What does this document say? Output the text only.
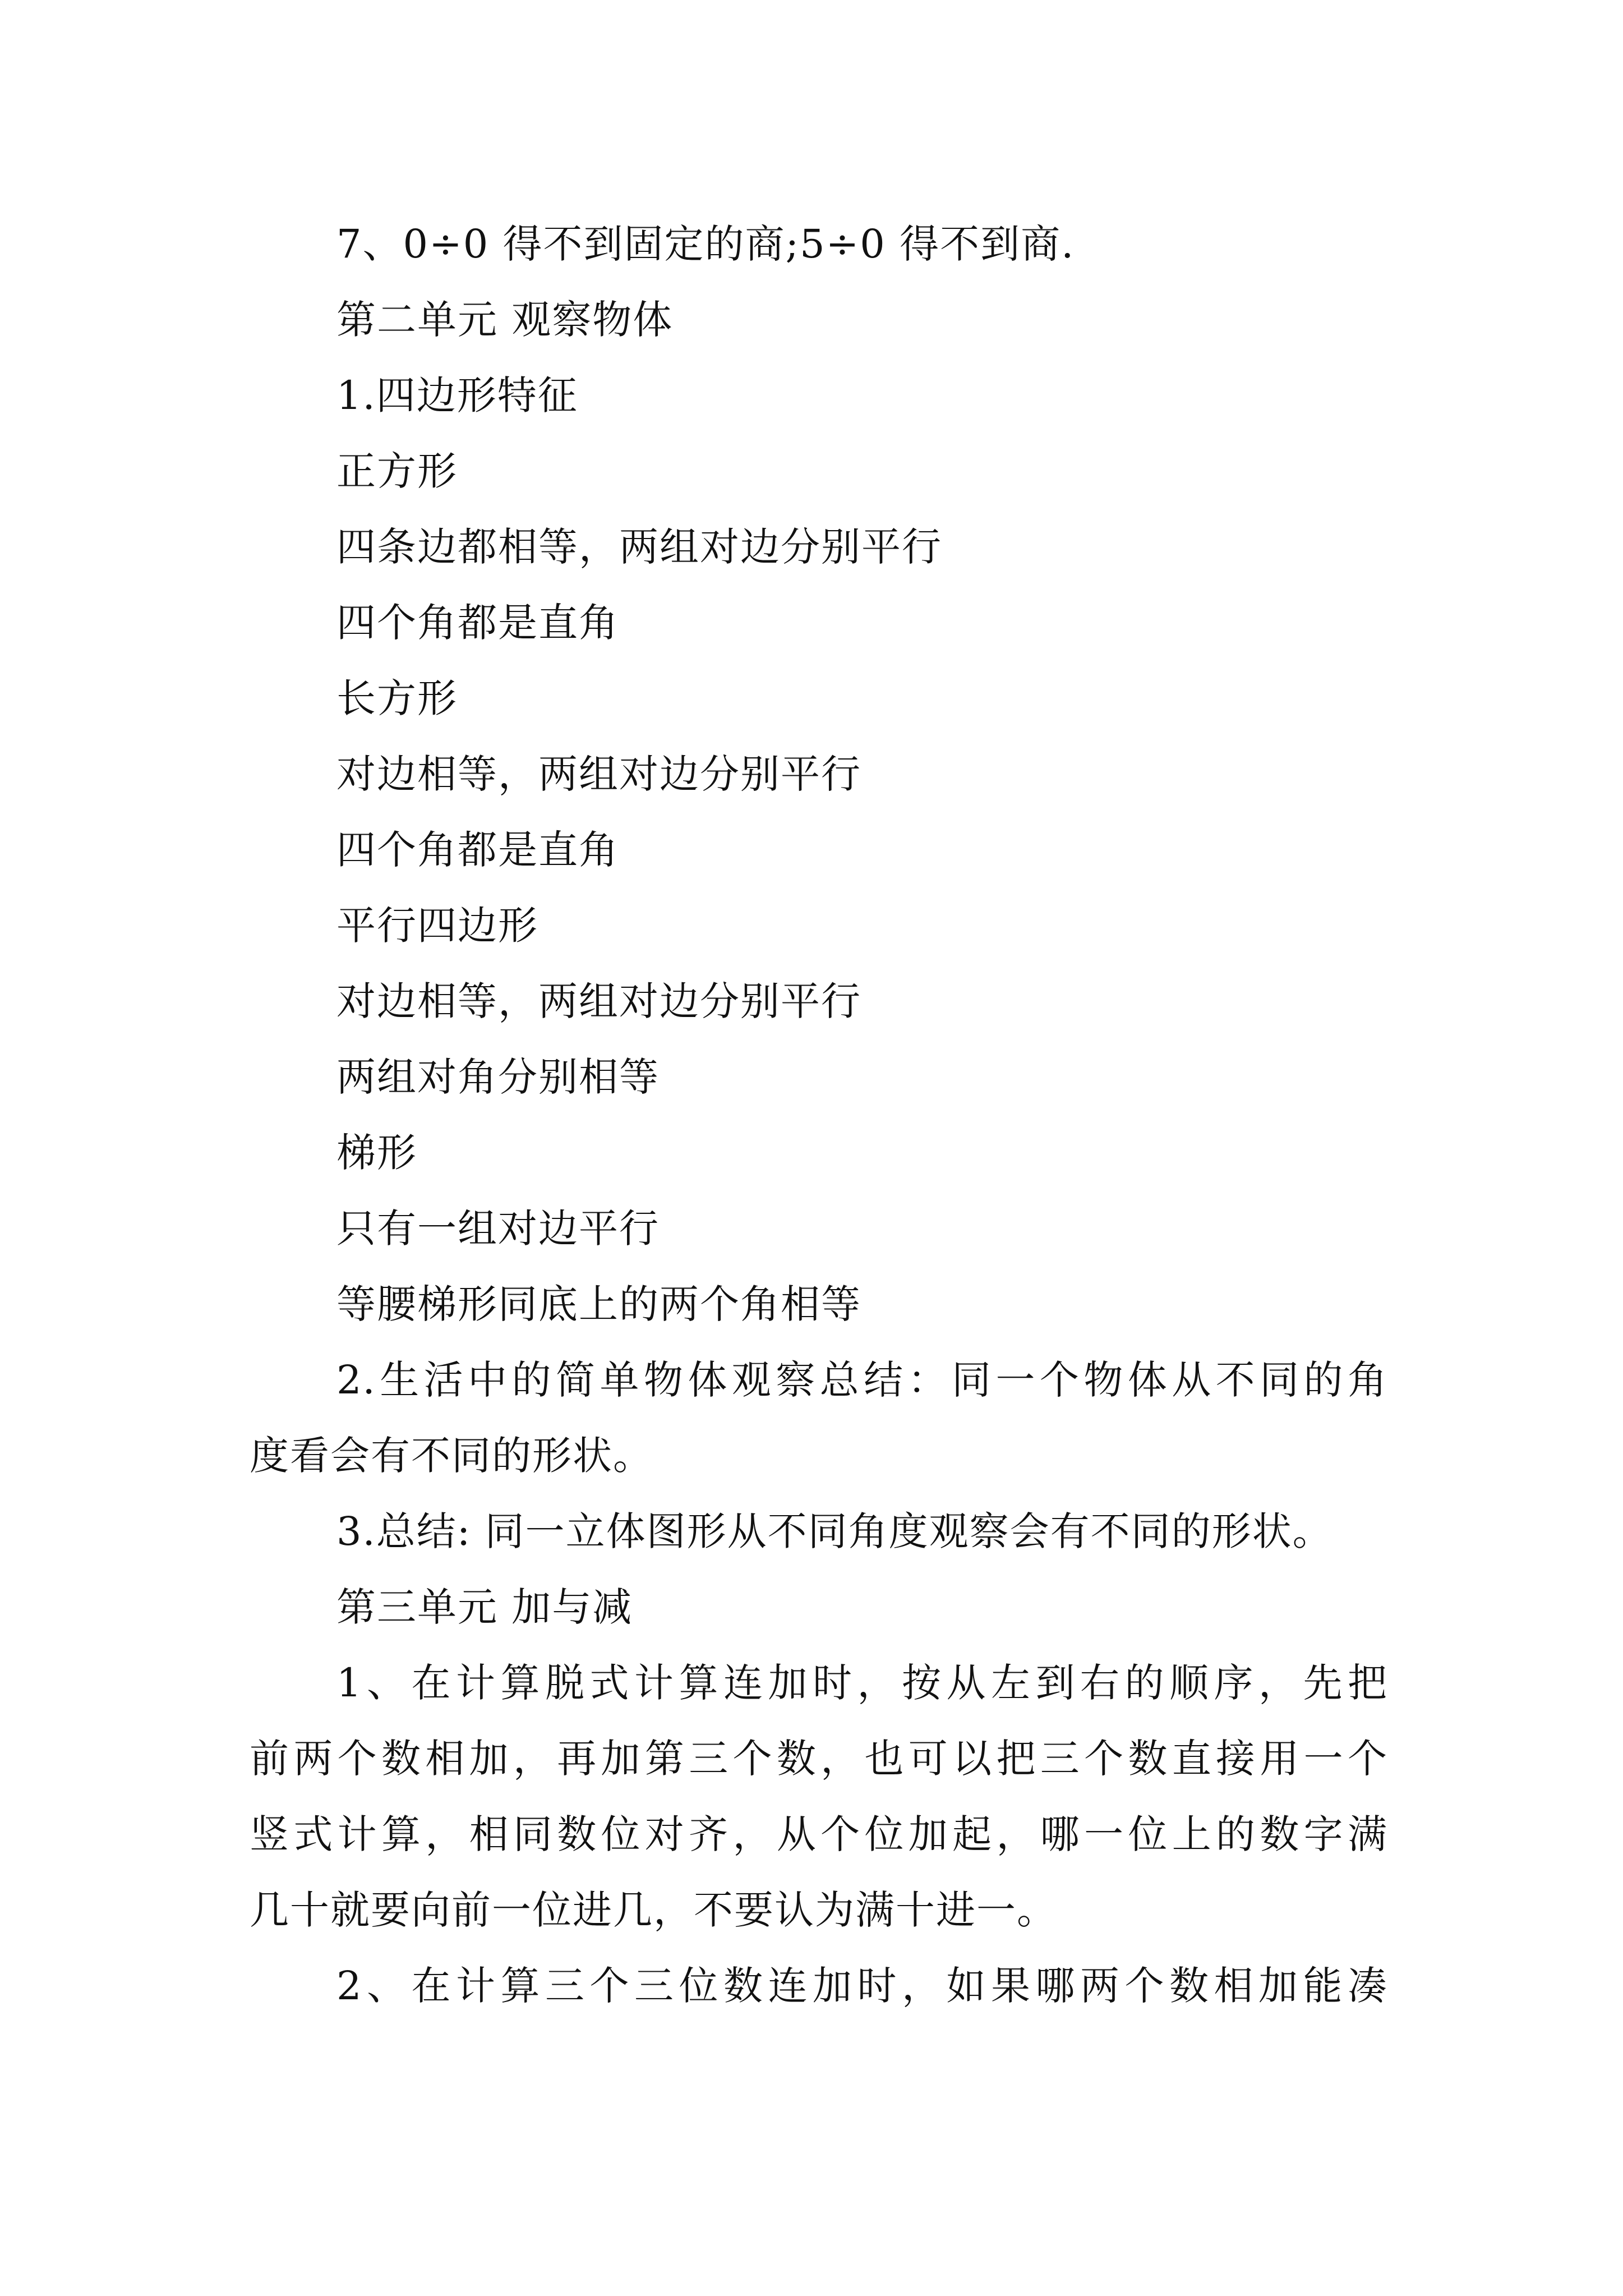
7、0÷0 得不到固定的商;5÷0 得不到商.
第二单元 观察物体
1.四边形特征
正方形
四条边都相等，两组对边分别平行
四个角都是直角
长方形
对边相等，两组对边分别平行
四个角都是直角
平行四边形
对边相等，两组对边分别平行
两组对角分别相等
梯形
只有一组对边平行
等腰梯形同底上的两个角相等
2.生活中的简单物体观察总结：同一个物体从不同的角
度看会有不同的形状。
3.总结: 同一立体图形从不同角度观察会有不同的形状。
第三单元 加与减
1、在计算脱式计算连加时，按从左到右的顺序，先把
前两个数相加，再加第三个数，也可以把三个数直接用一个
竖式计算，相同数位对齐，从个位加起，哪一位上的数字满
几十就要向前一位进几，不要认为满十进一。
2、在计算三个三位数连加时，如果哪两个数相加能凑
